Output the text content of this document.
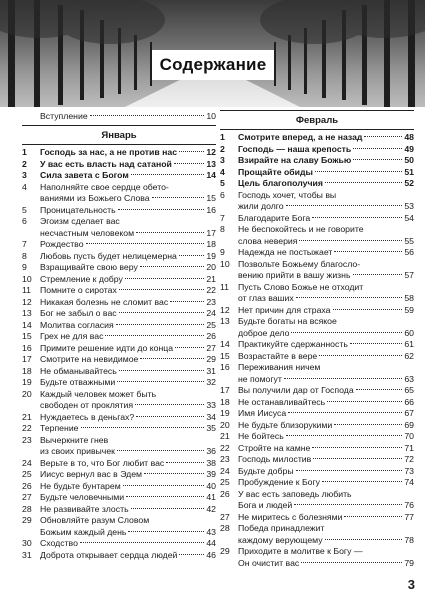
Содержание
Вступление	10
Январь
1	Господь за нас, а не против нас	12
2	У вас есть власть над сатаной	13
3	Сила завета с Богом	14
4	Наполняйте свое сердце обето-
ваниями из Божьего Слова	15
5	Проницательность	16
6	Эгоизм сделает вас
несчастным человеком	17
7	Рождество	18
8	Любовь пусть будет нелицемерна	19
9	Взращивайте свою веру	20
10 Стремление к добру	21
11	Помните о сиротах	22
12 Никакая болезнь не сломит вас	23
13 Бог не забыл о вас	24
14 Молитва согласия	25
15 Грех не для вас	26
16 Примите решение идти до конца	27
17 Смотрите на невидимое	29
18 Не обманывайтесь	31
19 Будьте отважными	32
20 Каждый человек может быть
свободен от проклятия	33
21 Нуждаетесь в деньгах?	34
22 Терпение	35
23 Вычеркните гнев
из своих привычек	36
24 Верьте в то, что Бог любит вас	38
25 Иисус вернул вас в Эдем	39
26 Не будьте бунтарем	40
27 Будьте человечными	41
28 Не развивайте злость	42
29 Обновляйте разум Словом
Божьим каждый день	43
30 Сходство	44
31 Доброта открывает сердца людей	46
Февраль
1	Смотрите вперед, а не назад	48
2	Господь — наша крепость	49
3	Взирайте на славу Божью	50
4	Прощайте обиды	51
5	Цель благополучия	52
6	Господь хочет, чтобы вы
жили долго	53
7	Благодарите Бога	54
8	Не беспокойтесь и не говорите
слова неверия	55
9	Надежда не постыжает	56
10 Позвольте Божьему благосло-
вению прийти в вашу жизнь	57
11	Пусть Слово Божье не отходит
от глаз ваших	58
12 Нет причин для страха	59
13 Будьте богаты на всякое
доброе дело	60
14 Практикуйте сдержанность	61
15 Возрастайте в вере	62
16 Переживания ничем
не помогут	63
17 Вы получили дар от Господа	65
18 Не останавливайтесь	66
19 Имя Иисуса	67
20 Не будьте близорукими	69
21 Не бойтесь	70
22 Стройте на камне	71
23 Господь милостив	72
24 Будьте добры	73
25 Пробуждение к Богу	74
26 У вас есть заповедь любить
Бога и людей	76
27 Не миритесь с болезнями	77
28 Победа принадлежит
каждому верующему	78
29 Приходите в молитве к Богу —
Он очистит вас	79
3
